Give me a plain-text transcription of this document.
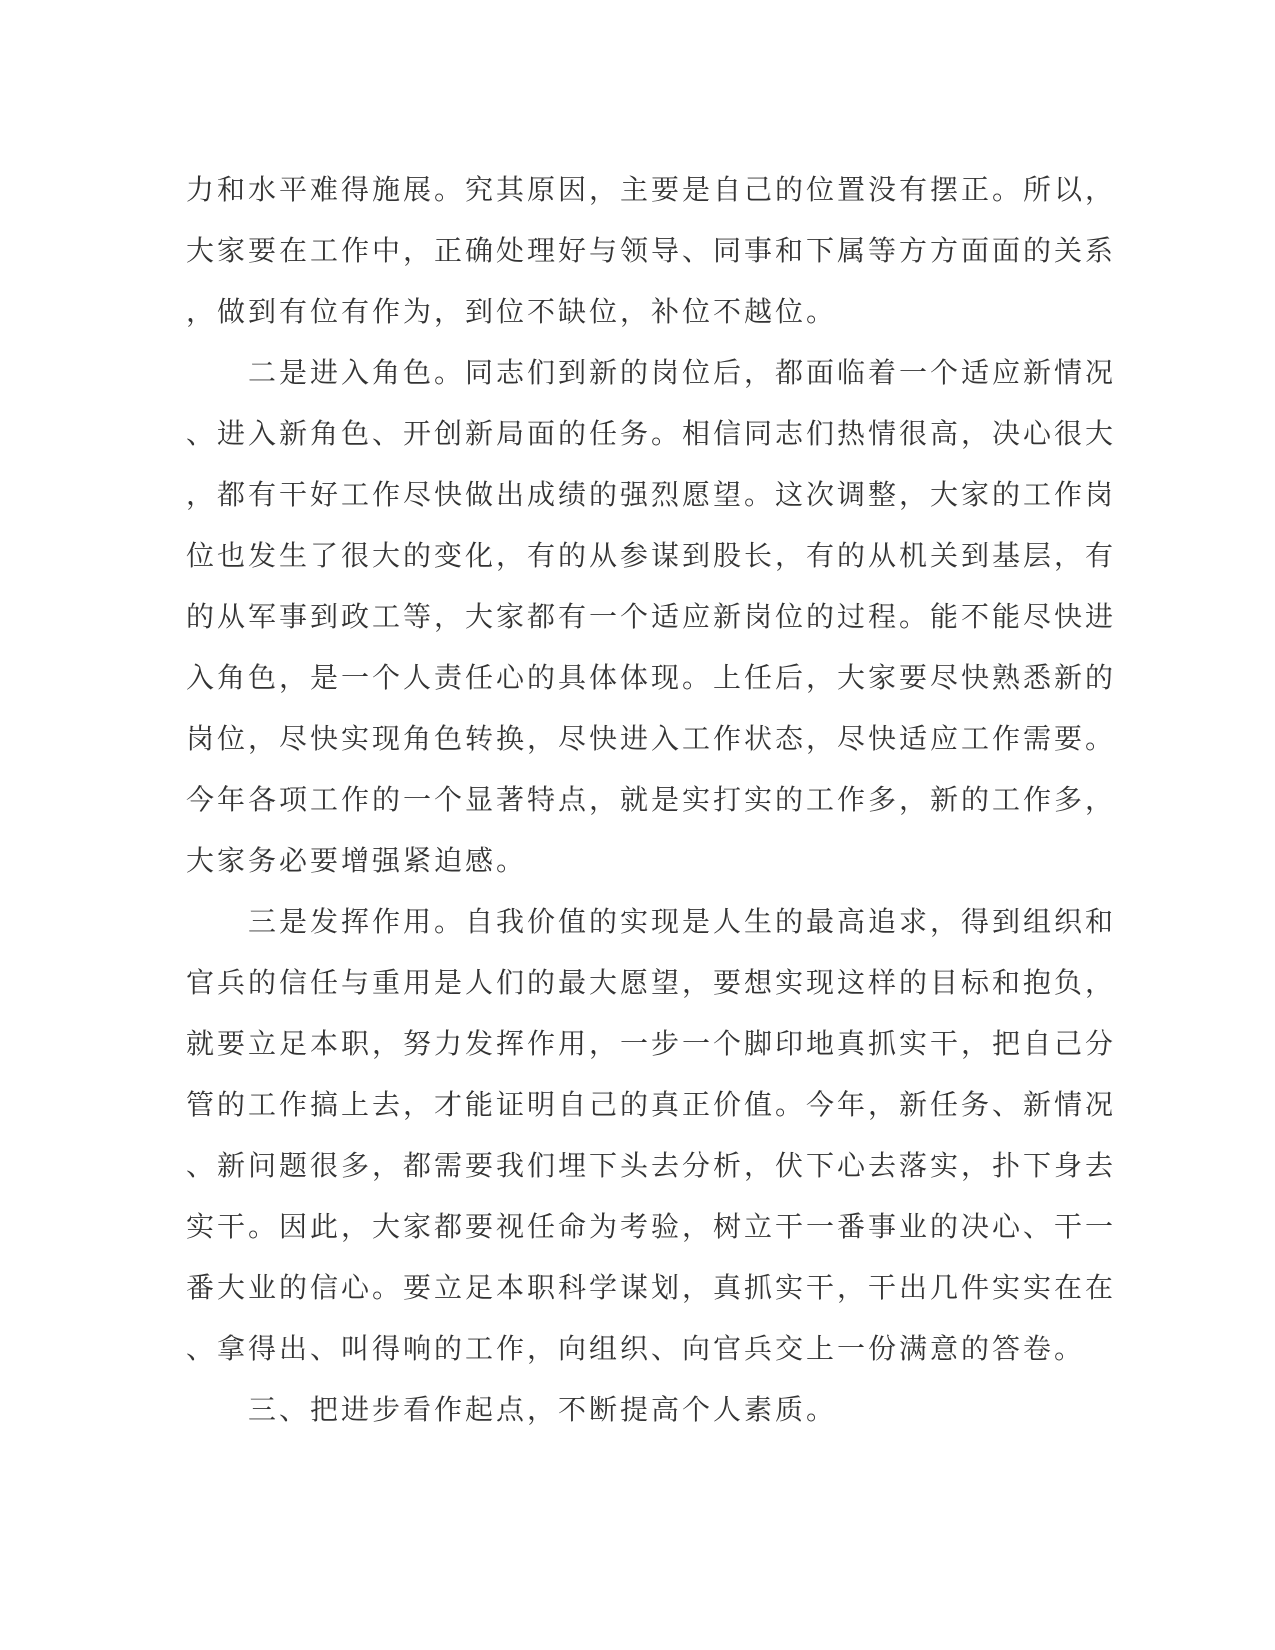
力和水平难得施展。究其原因，主要是自己的位置没有摆正。所以，
大家要在工作中，正确处理好与领导、同事和下属等方方面面的关系
，做到有位有作为，到位不缺位，补位不越位。
　　二是进入角色。同志们到新的岗位后，都面临着一个适应新情况
、进入新角色、开创新局面的任务。相信同志们热情很高，决心很大
，都有干好工作尽快做出成绩的强烈愿望。这次调整，大家的工作岗
位也发生了很大的变化，有的从参谋到股长，有的从机关到基层，有
的从军事到政工等，大家都有一个适应新岗位的过程。能不能尽快进
入角色，是一个人责任心的具体体现。上任后，大家要尽快熟悉新的
岗位，尽快实现角色转换，尽快进入工作状态，尽快适应工作需要。
今年各项工作的一个显著特点，就是实打实的工作多，新的工作多，
大家务必要增强紧迫感。
　　三是发挥作用。自我价值的实现是人生的最高追求，得到组织和
官兵的信任与重用是人们的最大愿望，要想实现这样的目标和抱负，
就要立足本职，努力发挥作用，一步一个脚印地真抓实干，把自己分
管的工作搞上去，才能证明自己的真正价值。今年，新任务、新情况
、新问题很多，都需要我们埋下头去分析，伏下心去落实，扑下身去
实干。因此，大家都要视任命为考验，树立干一番事业的决心、干一
番大业的信心。要立足本职科学谋划，真抓实干，干出几件实实在在
、拿得出、叫得响的工作，向组织、向官兵交上一份满意的答卷。
　　三、把进步看作起点，不断提高个人素质。
